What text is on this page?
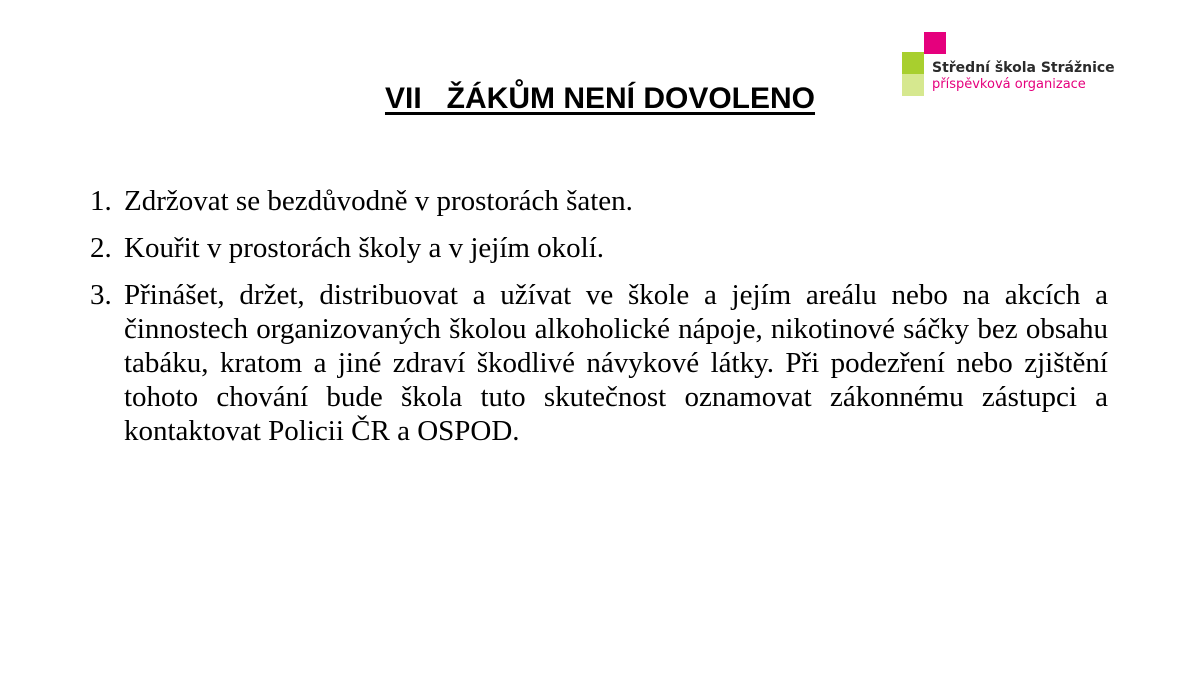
Střední škola Strážnice
příspěvková organizace
VII   ŽÁKŮM NENÍ DOVOLENO
1. Zdržovat se bezdůvodně v prostorách šaten.
2. Kouřit v prostorách školy a v jejím okolí.
3. Přinášet, držet, distribuovat a užívat ve škole a jejím areálu nebo na akcích a činnostech organizovaných školou alkoholické nápoje, nikotinové sáčky bez obsahu tabáku, kratom a jiné zdraví škodlivé návykové látky. Při podezření nebo zjištění tohoto chování bude škola tuto skutečnost oznamovat zákonnému zástupci a kontaktovat Policii ČR a OSPOD.
